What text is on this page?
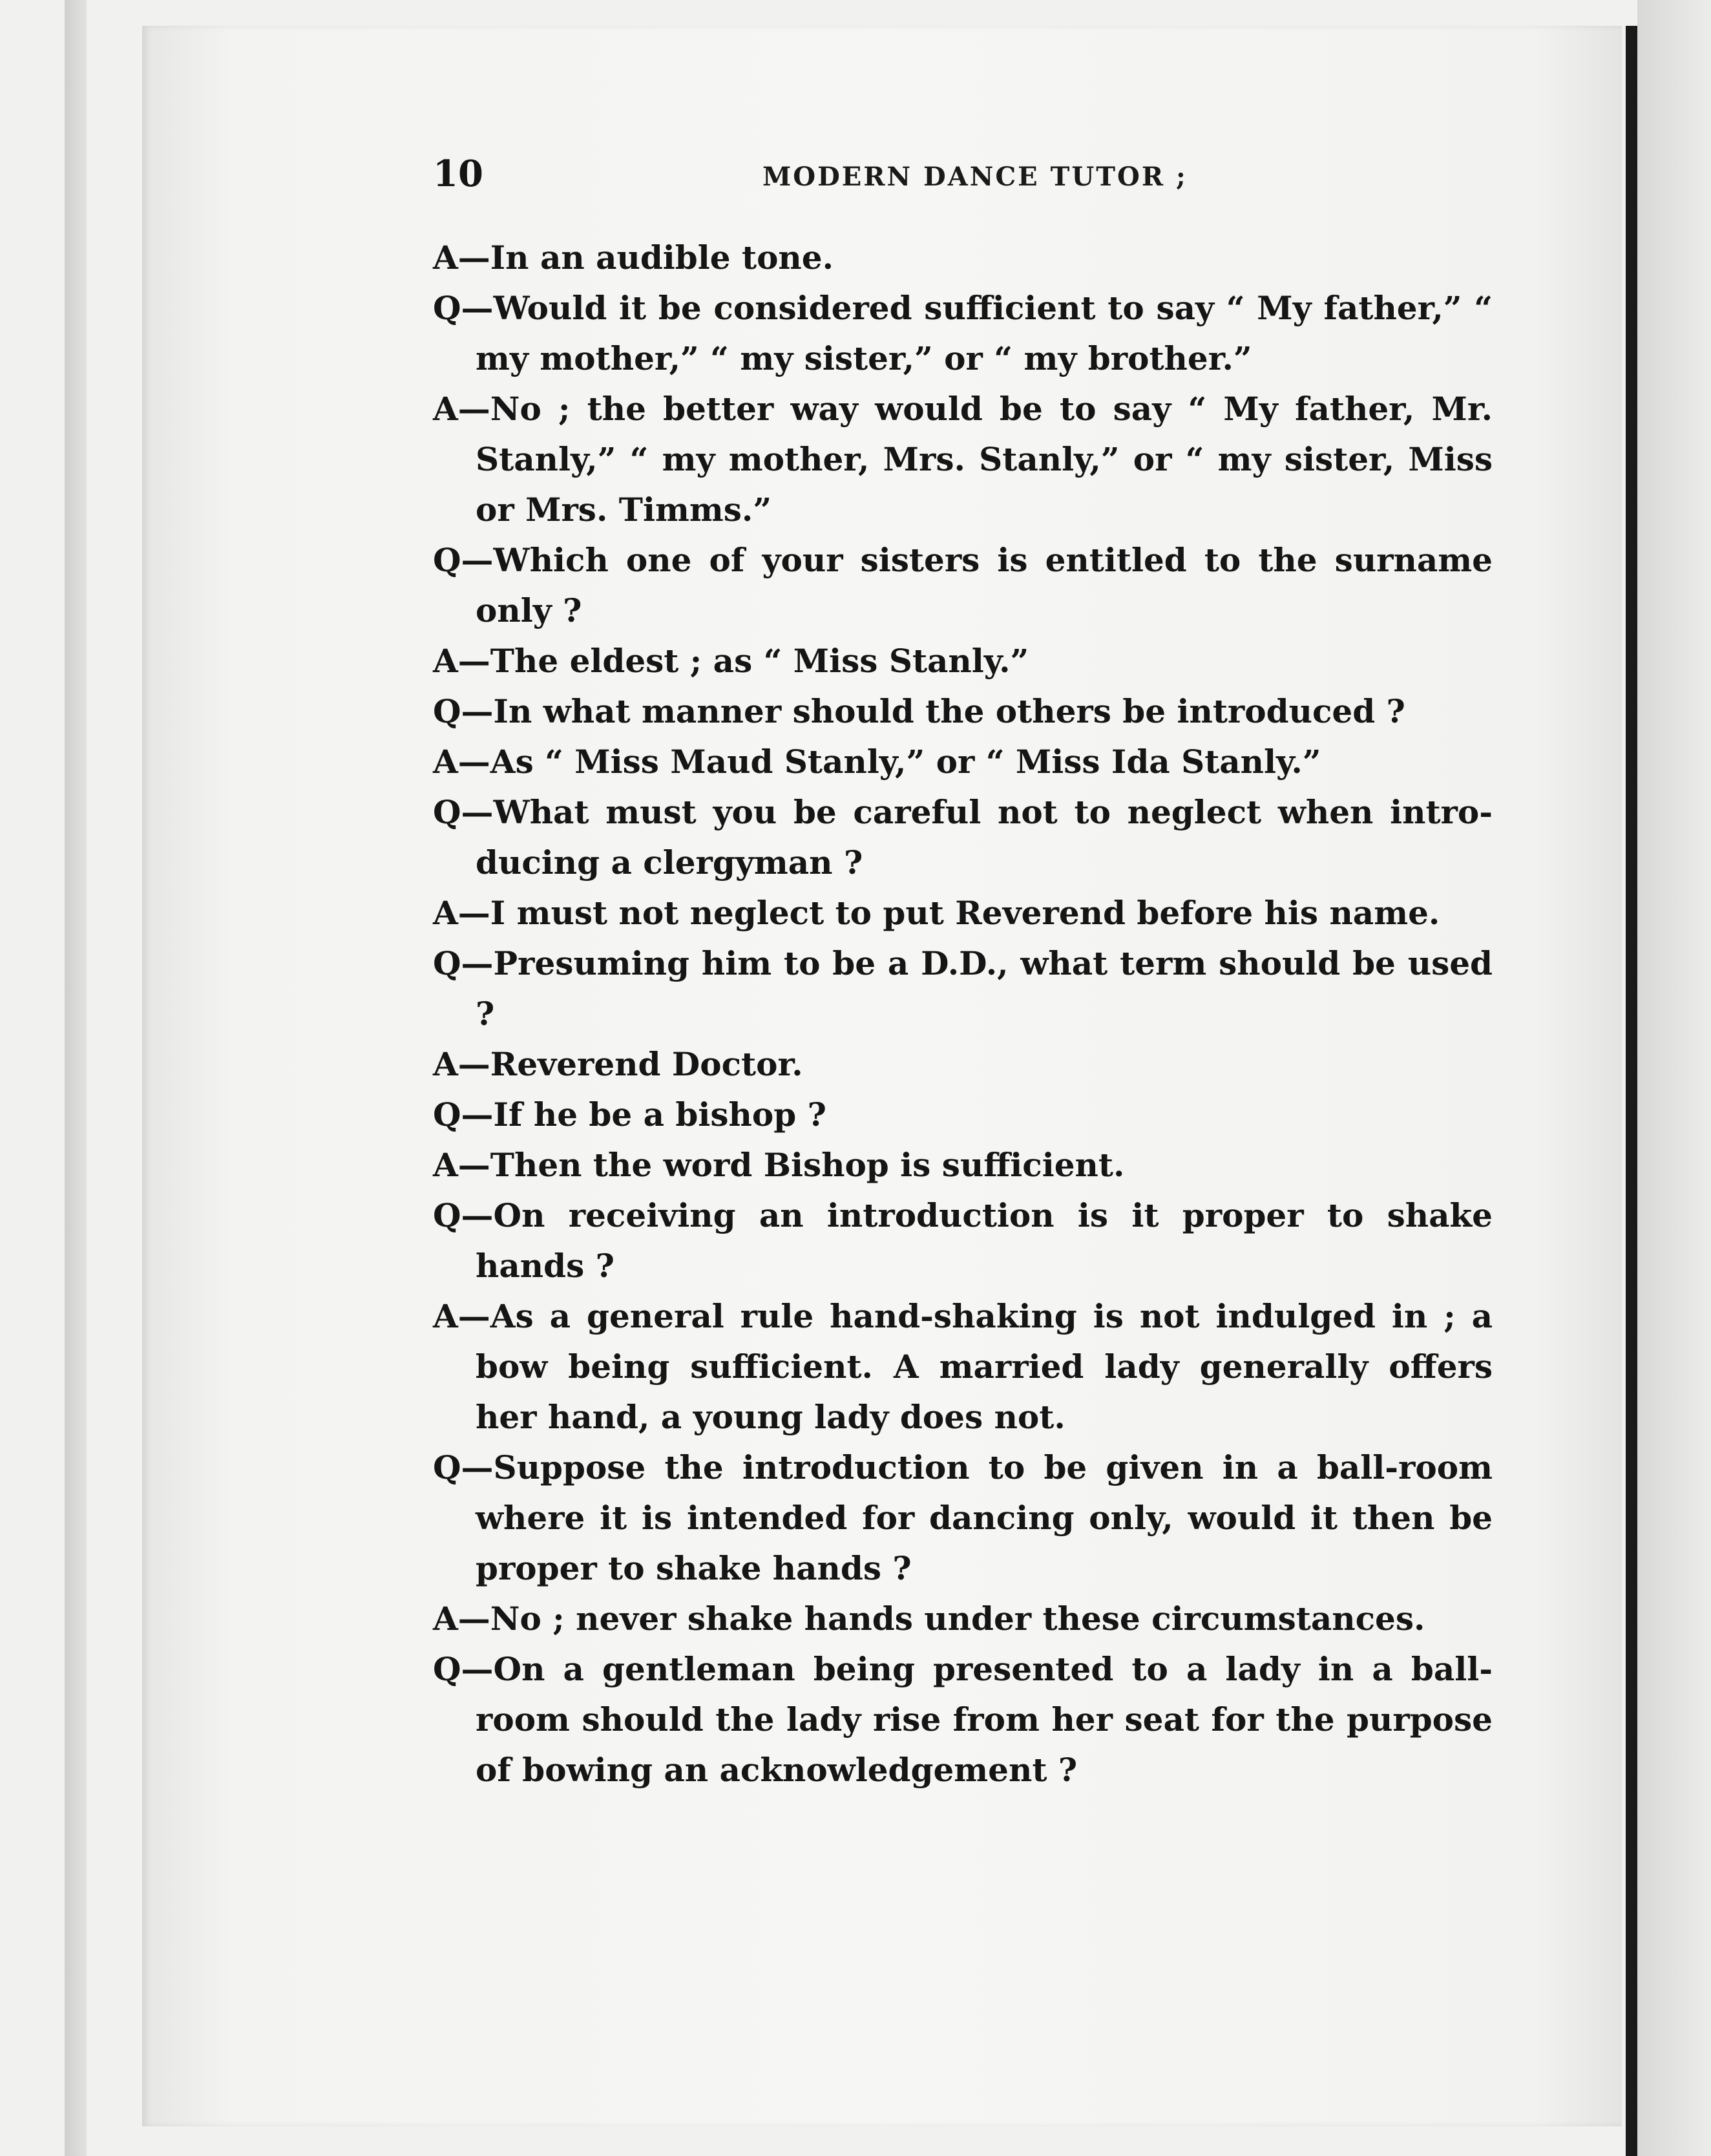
10	MODERN DANCE TUTOR ;

A—In an audible tone.

Q—Would it be considered sufficient to say “ My father,” “ my mother,” “ my sister,” or “ my brother.”

A—No ; the better way would be to say “ My father, Mr. Stanly,” “ my mother, Mrs. Stanly,” or “ my sister, Miss or Mrs. Timms.”

Q—Which one of your sisters is entitled to the surname only ?

A—The eldest ; as “ Miss Stanly.”

Q—In what manner should the others be introduced ?

A—As “ Miss Maud Stanly,” or “ Miss Ida Stanly.”

Q—What must you be careful not to neglect when introducing a clergyman ?

A—I must not neglect to put Reverend before his name.

Q—Presuming him to be a D.D., what term should be used ?

A—Reverend Doctor.

Q—If he be a bishop ?

A—Then the word Bishop is sufficient.

Q—On receiving an introduction is it proper to shake hands ?

A—As a general rule hand-shaking is not indulged in ; a bow being sufficient. A married lady generally offers her hand, a young lady does not.

Q—Suppose the introduction to be given in a ball-room where it is intended for dancing only, would it then be proper to shake hands ?

A—No ; never shake hands under these circumstances.

Q—On a gentleman being presented to a lady in a ballroom should the lady rise from her seat for the purpose of bowing an acknowledgement ?
